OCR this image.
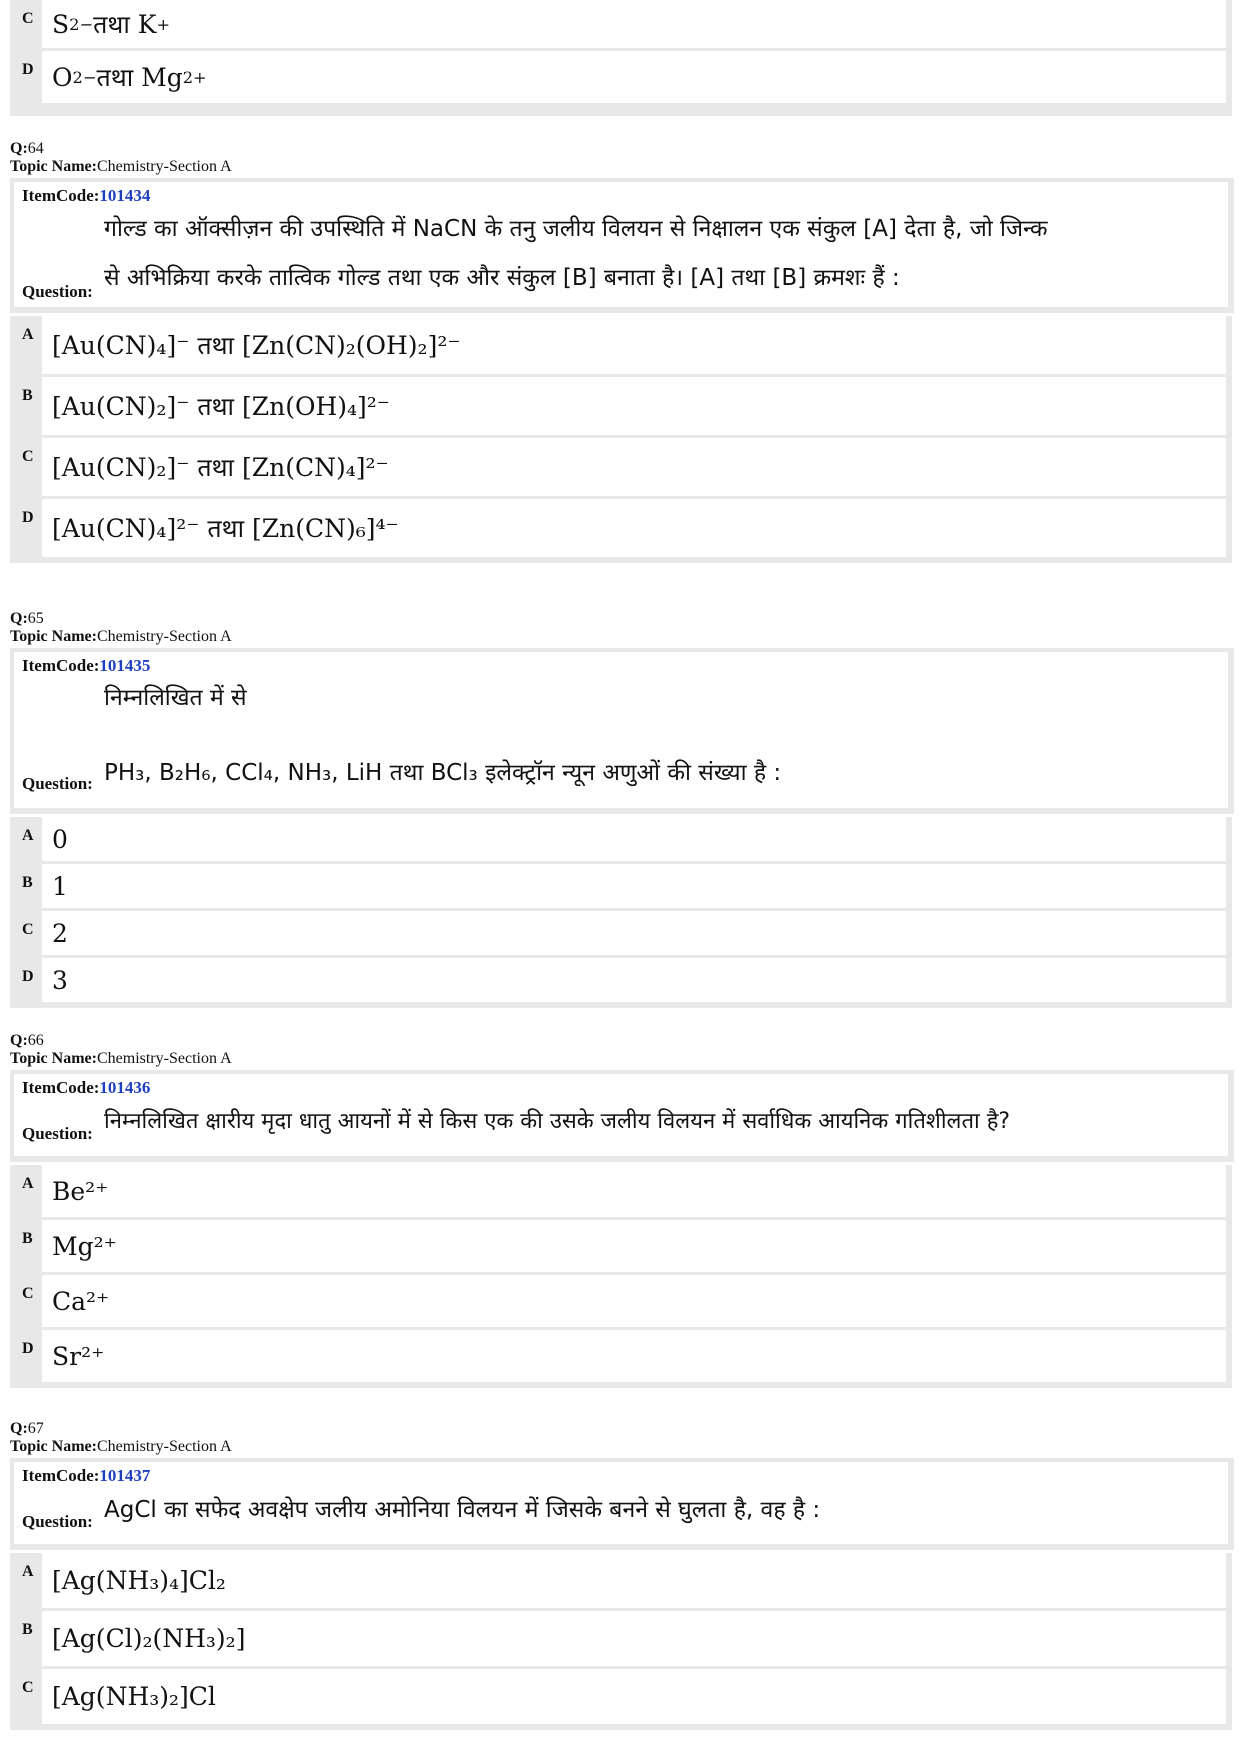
C S 2− तथा K +
D O 2− तथा Mg 2+
Q:64
Topic Name:Chemistry-Section A
ItemCode:101434
Question:
गोल्ड का ऑक्सीज़न की उपस्थिति में NaCN के तनु जलीय विलयन से निक्षालन एक संकुल [A] देता है, जो जिन्क
से अभिक्रिया करके तात्विक गोल्ड तथा एक और संकुल [B] बनाता है। [A] तथा [B] क्रमशः हैं :
A [Au(CN)₄]⁻ तथा [Zn(CN)₂(OH)₂]²⁻
B [Au(CN)₂]⁻ तथा [Zn(OH)₄]²⁻
C [Au(CN)₂]⁻ तथा [Zn(CN)₄]²⁻
D [Au(CN)₄]²⁻ तथा [Zn(CN)₆]⁴⁻
Q:65
Topic Name:Chemistry-Section A
ItemCode:101435
Question:
निम्नलिखित में से
PH₃, B₂H₆, CCl₄, NH₃, LiH तथा BCl₃ इलेक्ट्रॉन न्यून अणुओं की संख्या है :
A 0
B 1
C 2
D 3
Q:66
Topic Name:Chemistry-Section A
ItemCode:101436
Question: निम्नलिखित क्षारीय मृदा धातु आयनों में से किस एक की उसके जलीय विलयन में सर्वाधिक आयनिक गतिशीलता है?
A Be²⁺
B Mg²⁺
C Ca²⁺
D Sr²⁺
Q:67
Topic Name:Chemistry-Section A
ItemCode:101437
Question: AgCl का सफेद अवक्षेप जलीय अमोनिया विलयन में जिसके बनने से घुलता है, वह है :
A [Ag(NH₃)₄]Cl₂
B [Ag(Cl)₂(NH₃)₂]
C [Ag(NH₃)₂]Cl
